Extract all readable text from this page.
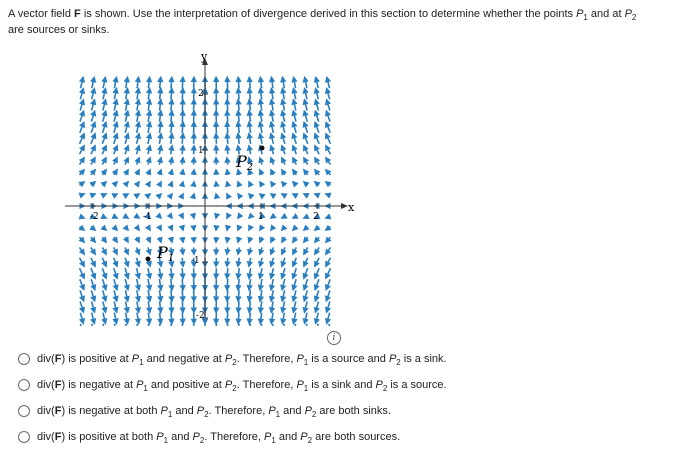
A vector field F is shown. Use the interpretation of divergence derived in this section to determine whether the points $P_1$ and at $P_2$
are sources or sinks.
x
y
-2	-1	1	2
2
1
-1
-2
P1
P2
i
div(F) is positive at $P_1$ and negative at $P_2$. Therefore, $P_1$ is a source and $P_2$ is a sink.
div(F) is negative at $P_1$ and positive at $P_2$. Therefore, $P_1$ is a sink and $P_2$ is a source.
div(F) is negative at both $P_1$ and $P_2$. Therefore, $P_1$ and $P_2$ are both sinks.
div(F) is positive at both $P_1$ and $P_2$. Therefore, $P_1$ and $P_2$ are both sources.
